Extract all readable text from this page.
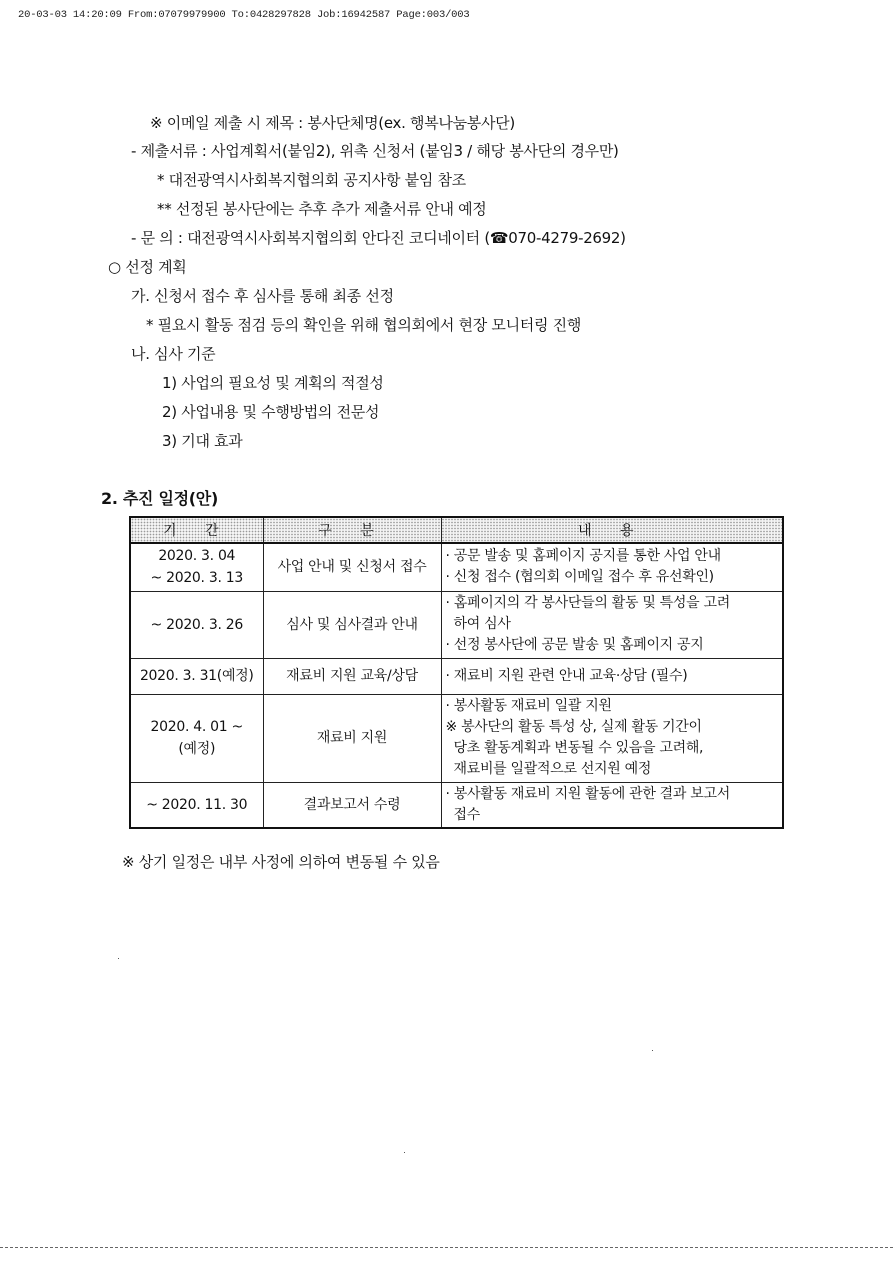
20-03-03 14:20:09 From:07079979900 To:0428297828 Job:16942587 Page:003/003
※ 이메일 제출 시 제목 : 봉사단체명(ex. 행복나눔봉사단)
- 제출서류 : 사업계획서(붙임2), 위촉 신청서 (붙임3 / 해당 봉사단의 경우만)
* 대전광역시사회복지협의회 공지사항 붙임 참조
** 선정된 봉사단에는 추후 추가 제출서류 안내 예정
- 문 의 : 대전광역시사회복지협의회 안다진 코디네이터 (☎070-4279-2692)
○ 선정 계획
가. 신청서 접수 후 심사를 통해 최종 선정
* 필요시 활동 점검 등의 확인을 위해 협의회에서 현장 모니터링 진행
나. 심사 기준
1) 사업의 필요성 및 계획의 적절성
2) 사업내용 및 수행방법의 전문성
3) 기대 효과
2. 추진 일정(안)
기 간	구 분	내 용

2020. 3. 04
~ 2020. 3. 13	사업 안내 및 신청서 접수	· 공문 발송 및 홈페이지 공지를 통한 사업 안내
· 신청 접수 (협의회 이메일 접수 후 유선확인)

~ 2020. 3. 26	심사 및 심사결과 안내	· 홈페이지의 각 봉사단들의 활동 및 특성을 고려
하여 심사
· 선정 봉사단에 공문 발송 및 홈페이지 공지

2020. 3. 31(예정)	재료비 지원 교육/상담	· 재료비 지원 관련 안내 교육·상담 (필수)

2020. 4. 01 ~
(예정)	재료비 지원	· 봉사활동 재료비 일괄 지원
※ 봉사단의 활동 특성 상, 실제 활동 기간이
당초 활동계획과 변동될 수 있음을 고려해,
재료비를 일괄적으로 선지원 예정

~ 2020. 11. 30	결과보고서 수령	· 봉사활동 재료비 지원 활동에 관한 결과 보고서
접수
※ 상기 일정은 내부 사정에 의하여 변동될 수 있음
